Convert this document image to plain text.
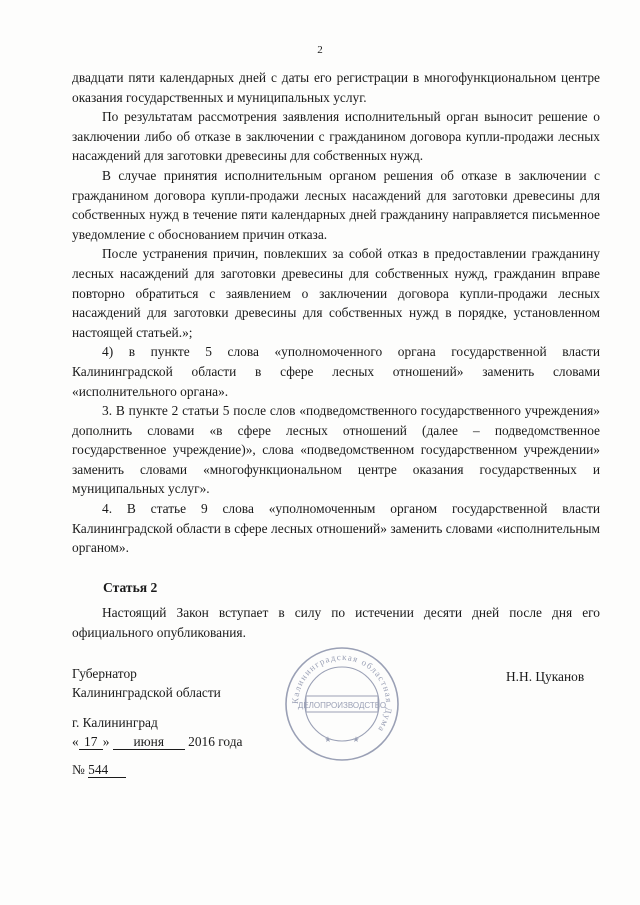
2

двадцати пяти календарных дней с даты его регистрации в многофункциональном центре оказания государственных и муниципальных услуг.

По результатам рассмотрения заявления исполнительный орган выносит решение о заключении либо об отказе в заключении с гражданином договора купли-продажи лесных насаждений для заготовки древесины для собственных нужд.

В случае принятия исполнительным органом решения об отказе в заключении с гражданином договора купли-продажи лесных насаждений для заготовки древесины для собственных нужд в течение пяти календарных дней гражданину направляется письменное уведомление с обоснованием причин отказа.

После устранения причин, повлекших за собой отказ в предоставлении гражданину лесных насаждений для заготовки древесины для собственных нужд, гражданин вправе повторно обратиться с заявлением о заключении договора купли-продажи лесных насаждений для заготовки древесины для собственных нужд в порядке, установленном настоящей статьей.»;

4) в пункте 5 слова «уполномоченного органа государственной власти Калининградской области в сфере лесных отношений» заменить словами «исполнительного органа».

3. В пункте 2 статьи 5 после слов «подведомственного государственного учреждения» дополнить словами «в сфере лесных отношений (далее – подведомственное государственное учреждение)», слова «подведомственном государственном учреждении» заменить словами «многофункциональном центре оказания государственных и муниципальных услуг».

4. В статье 9 слова «уполномоченным органом государственной власти Калининградской области в сфере лесных отношений» заменить словами «исполнительным органом».

Статья 2
Настоящий Закон вступает в силу по истечении десяти дней после дня его официального опубликования.
Губернатор
Калининградской области
Н.Н. Цуканов
Калининградская областная Дума
ДЕЛОПРОИЗВОДСТВО
★	★
г. Калининград
« 17 » июня 2016 года
№ 544
